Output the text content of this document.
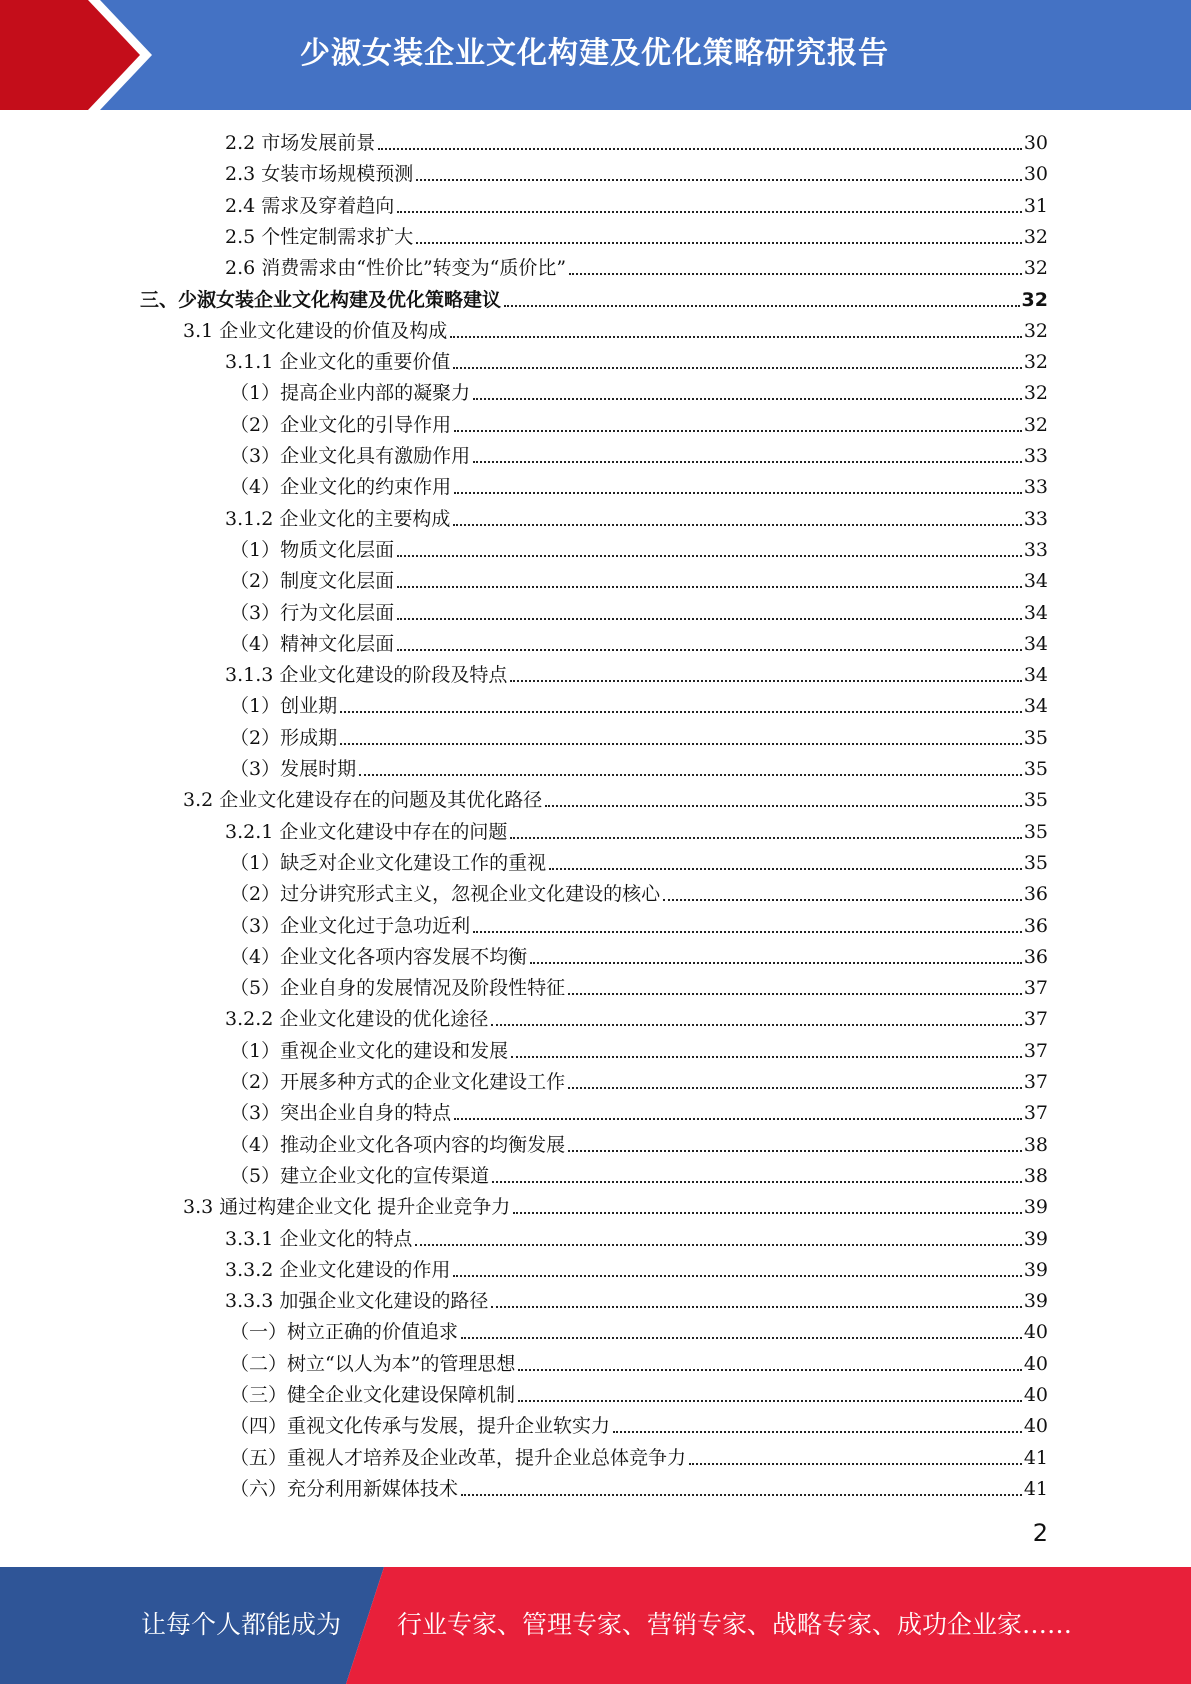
少淑女装企业文化构建及优化策略研究报告
2.2 市场发展前景	30
2.3 女装市场规模预测	30
2.4 需求及穿着趋向	31
2.5 个性定制需求扩大	32
2.6 消费需求由“性价比”转变为“质价比”	32
三、少淑女装企业文化构建及优化策略建议	32
3.1 企业文化建设的价值及构成	32
3.1.1 企业文化的重要价值	32
（1）提高企业内部的凝聚力	32
（2）企业文化的引导作用	32
（3）企业文化具有激励作用	33
（4）企业文化的约束作用	33
3.1.2 企业文化的主要构成	33
（1）物质文化层面	33
（2）制度文化层面	34
（3）行为文化层面	34
（4）精神文化层面	34
3.1.3 企业文化建设的阶段及特点	34
（1）创业期	34
（2）形成期	35
（3）发展时期	35
3.2 企业文化建设存在的问题及其优化路径	35
3.2.1 企业文化建设中存在的问题	35
（1）缺乏对企业文化建设工作的重视	35
（2）过分讲究形式主义，忽视企业文化建设的核心	36
（3）企业文化过于急功近利	36
（4）企业文化各项内容发展不均衡	36
（5）企业自身的发展情况及阶段性特征	37
3.2.2 企业文化建设的优化途径	37
（1）重视企业文化的建设和发展	37
（2）开展多种方式的企业文化建设工作	37
（3）突出企业自身的特点	37
（4）推动企业文化各项内容的均衡发展	38
（5）建立企业文化的宣传渠道	38
3.3 通过构建企业文化 提升企业竞争力	39
3.3.1 企业文化的特点	39
3.3.2 企业文化建设的作用	39
3.3.3 加强企业文化建设的路径	39
（一）树立正确的价值追求	40
（二）树立“以人为本”的管理思想	40
（三）健全企业文化建设保障机制	40
（四）重视文化传承与发展，提升企业软实力	40
（五）重视人才培养及企业改革，提升企业总体竞争力	41
（六）充分利用新媒体技术	41
2
让每个人都能成为 行业专家、管理专家、营销专家、战略专家、成功企业家……
